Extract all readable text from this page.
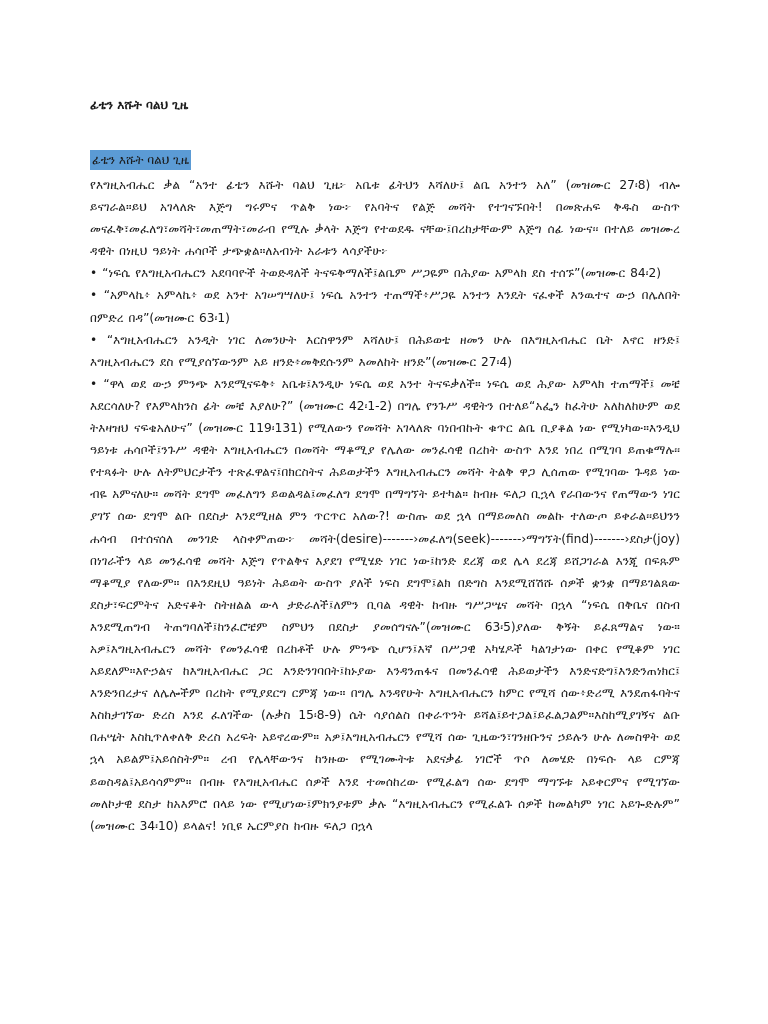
ፊቴን እሹት ባልህ ጊዜ
ፊቴን እሹት ባልህ ጊዜ

የእግዚአብሔር ቃል “አንተ ፊቴን እሹት ባልህ ጊዜ፦ አቤቱ ፊትህን እሻለሁ፤ ልቤ አንተን አለ” (መዝሙር 27፡8) ብሎ ይናገራል።ይህ አገላለጽ እጅግ ግሩምና ጥልቅ ነው፦ የአባትና የልጅ መሻት የተገናኙበት! በመጽሐፍ ቅዱስ ውስጥ መናፈቅ፣መፈለግ፣መሻት፣መጠማት፣መራብ የሚሉ ቃላት እጅግ የተወደዱ ናቸው፤በረከታቸውም እጅግ ሰፊ ነውና፡፡ በተለይ መዝሙረ ዳዊት በነዚህ ዓይነት ሐሳቦች ታጭቋል።ለአብነት አራቱን ላሳያችሁ፦

• “ነፍሴ የእግዚአብሔርን አደባባዮች ትወድዳለች ትናፍቅማለች፤ልቤም ሥጋዬም በሕያው አምላክ ደስ ተሰኙ”(መዝሙር 84፡2)

• “አምላኬ፥ አምላኬ፥ ወደ አንተ አገሠግሣለሁ፤ ነፍሴ አንተን ተጠማች፥ሥጋዬ አንተን እንዴት ናፈቀች እንዉተና ውኃ በሌለበት በምድረ በዳ”(መዝሙር 63፡1)

• “እግዚአብሔርን አንዲት ነገር ለመንሁት እርስዋንም እሻለሁ፤ በሕይወቴ ዘመን ሁሉ በእግዚአብሔር ቤት እኖር ዘንድ፤ እግዚአብሔርን ደስ የሚያሰኘውንም አይ ዘንድ፥መቅደሱንም እመለከት ዘንድ”(መዝሙር 27፡4)

• “ዋላ ወደ ውኃ ምንጭ እንደሚናፍቅ፥ አቤቱ፤እንዲሁ ነፍሴ ወደ አንተ ትናፍቃለች። ነፍሴ ወደ ሕያው አምላክ ተጠማች፤ መቼ እደርሳለሁ? የእምላክንስ ፊት መቼ እያለሁ?” (መዝሙር 42፡1-2) በግሌ የንጉሥ ዳዊትን በተለይ“አፌን ከፈትሁ አለከለከሁም ወደ ትእዛዝህ ናፍቄአለሁና” (መዝሙር 119፡131) የሚለውን የመሻት አገላለጽ ባነበብኩት ቁጥር ልቤ ቢያቆል ነው የሚነካው።እንዲህ ዓይነቱ ሐሳቦች፤ንጉሥ ዳዊት እግዚአብሔርን በመሻት ማቆሚያ የሌለው መንፈሳዊ በረከት ውስጥ እንደ ነበረ በሚገባ ይጠቁማሉ፡፡ የተጻፉት ሁሉ ለትምህርታችን ተጽፈዋልና፤በክርስትና ሕይወታችን እግዚአብሔርን መሻት ትልቅ ዋጋ ሊሰጠው የሚገባው ጉዳይ ነው ብዬ አምናለሁ። መሻት ደግሞ መፈለግን ይወልዳል፤መፈለግ ደግሞ በማግኘት ይተካል። ከብዙ ፍለጋ ቢኋላ የራበውንና የጠማውን ነገር ያገኘ ሰው ደግሞ ልቡ በደስታ እንደሚዘል ምን ጥርጥር አለው?! ውስጡ ወደ ኋላ በማይመለስ መልኩ ተለውጦ ይቀራል፡፡ይህንን ሐሳብ በተሰናሰለ መንገድ ላስቀምጠው፦ መሻት(desire)-------›መፈለግ(seek)-------›ማግኘት(find)-------›ደስታ(joy) በነገራችን ላይ መንፈሳዊ መሻት እጅግ የጥልቅና እያደገ የሚሄድ ነገር ነው፤ከንድ ደረጃ ወደ ሌላ ደረጃ ይሸጋገራል እንጂ በፍጹም ማቆሚያ የለውም። በእንደዚህ ዓይነት ሕይወት ውስጥ ያለች ነፍስ ደግሞ፤ልክ በድግስ እንደሚሸሽሹ ሰዎች ቋንቋ በማይገልጸው ደስታ፣ፍርምትና አድናቆት ስትዘልል ውላ ታድራለች፤ለምን ቢባል ዳዊት ከብዙ ግሥጋሤና መሻት በኋላ “ነፍሴ በቅቤና በስብ እንደሚጠግብ ትጠግባለች፤ከንፈሮቼም ስምህን በደስታ ያመሰግናሉ”(መዝሙር 63፡5)ያለው ቅኝት ይፈጸማልና ነው። አዎ፤እግዚአብሔርን መሻት የመንፈሳዊ በረከቶች ሁሉ ምንጭ ሲሆን፤እኛ በሥጋዊ አካሄዶች ካልገታነው በቀር የሚቆም ነገር አይደለም።እዮኃልና ከእግዚአብሔር ጋር እንድንገባበት፤ከኑያው እንዳንጠፋና በመንፈሳዊ ሕይወታችን እንድናድግ፤እንድንጠነክር፤ እንድንበረታና ለሌሎችም በረከት የሚያደርግ ርምጃ ነው። በግሌ እንዳየሁት እግዚአብሔርን ከምር የሚሻ ሰው፥ድሪሚ እንደጠፋባትና እስከታገኘው ድረስ እንደ ፈለገችው (ሉቃስ 15፡8-9) ሴት ሳያሰልስ በቀራጥንት ይሻል፤ይተጋል፤ይፈልጋልም።እስከሚያገኝና ልቡ በሐሤት እስኪጥለቀለቅ ድረስ አረፍት አይኖረውም። አዎ፤እግዚአብሔርን የሚሻ ሰው ጊዜውን፣ገንዘቡንና ኃይሉን ሁሉ ለመስዋት ወደ ኋላ አይልም፤አይሰስትም። ረብ የሌላቸውንና ከንዙው የሚገሙትቱ አደናቃፊ ነገሮች ጥሶ ለመሄድ በነፍሱ ላይ ርምጃ ይወስዳል፤አይሳሳምም። በብዙ የእግዚአብሔር ሰዎች እንደ ተመሰከረው የሚፈልግ ሰው ደግሞ ማግኙቱ አይቀርምና የሚገኘው መለኮታዊ ደስታ ከአእምሮ በላይ ነው የሚሆነው፤ምክንያቱም ቃሉ “እግዚአብሔርን የሚፈልጉ ሰዎች ከመልካም ነገር አይጐድሉም” (መዝሙር 34፡10) ይላልና! ነቢዩ ኤርምያስ ከብዙ ፍለጋ በኋላ
